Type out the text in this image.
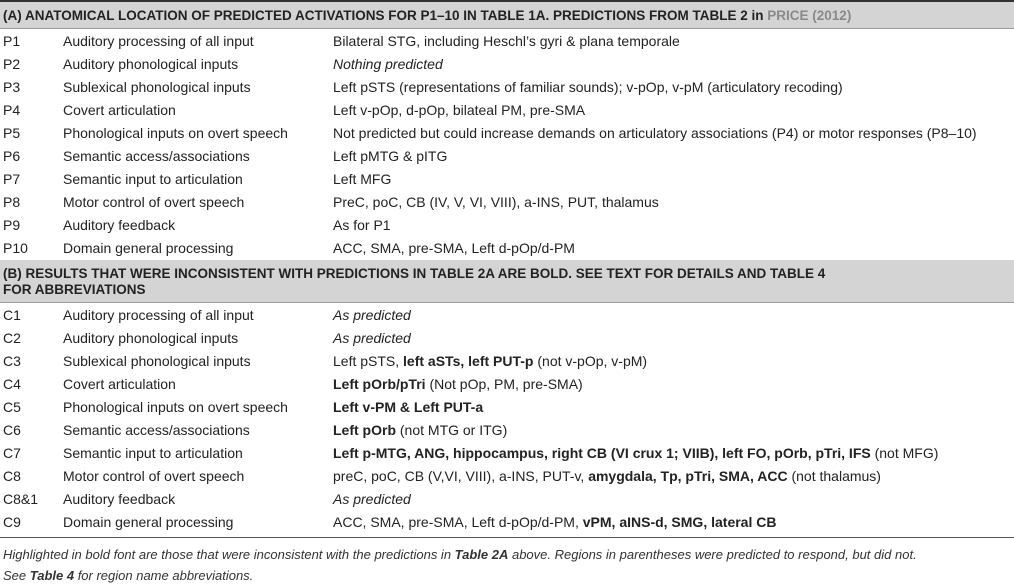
(A) ANATOMICAL LOCATION OF PREDICTED ACTIVATIONS FOR P1–10 IN TABLE 1A. PREDICTIONS FROM TABLE 2 in PRICE (2012)
P1	Auditory processing of all input	Bilateral STG, including Heschl’s gyri & plana temporale
P2	Auditory phonological inputs	Nothing predicted
P3	Sublexical phonological inputs	Left pSTS (representations of familiar sounds); v-pOp, v-pM (articulatory recoding)
P4	Covert articulation	Left v-pOp, d-pOp, bilateal PM, pre-SMA
P5	Phonological inputs on overt speech	Not predicted but could increase demands on articulatory associations (P4) or motor responses (P8–10)
P6	Semantic access/associations	Left pMTG & pITG
P7	Semantic input to articulation	Left MFG
P8	Motor control of overt speech	PreC, poC, CB (IV, V, VI, VIII), a-INS, PUT, thalamus
P9	Auditory feedback	As for P1
P10	Domain general processing	ACC, SMA, pre-SMA, Left d-pOp/d-PM
(B) RESULTS THAT WERE INCONSISTENT WITH PREDICTIONS IN TABLE 2A ARE BOLD. SEE TEXT FOR DETAILS AND TABLE 4
FOR ABBREVIATIONS
C1	Auditory processing of all input	As predicted
C2	Auditory phonological inputs	As predicted
C3	Sublexical phonological inputs	Left pSTS, left aSTs, left PUT-p (not v-pOp, v-pM)
C4	Covert articulation	Left pOrb/pTri (Not pOp, PM, pre-SMA)
C5	Phonological inputs on overt speech	Left v-PM & Left PUT-a
C6	Semantic access/associations	Left pOrb (not MTG or ITG)
C7	Semantic input to articulation	Left p-MTG, ANG, hippocampus, right CB (VI crux 1; VIIB), left FO, pOrb, pTri, IFS (not MFG)
C8	Motor control of overt speech	preC, poC, CB (V,VI, VIII), a-INS, PUT-v, amygdala, Tp, pTri, SMA, ACC (not thalamus)
C8&1	Auditory feedback	As predicted
C9	Domain general processing	ACC, SMA, pre-SMA, Left d-pOp/d-PM, vPM, aINS-d, SMG, lateral CB
Highlighted in bold font are those that were inconsistent with the predictions in Table 2A above. Regions in parentheses were predicted to respond, but did not.
See Table 4 for region name abbreviations.
